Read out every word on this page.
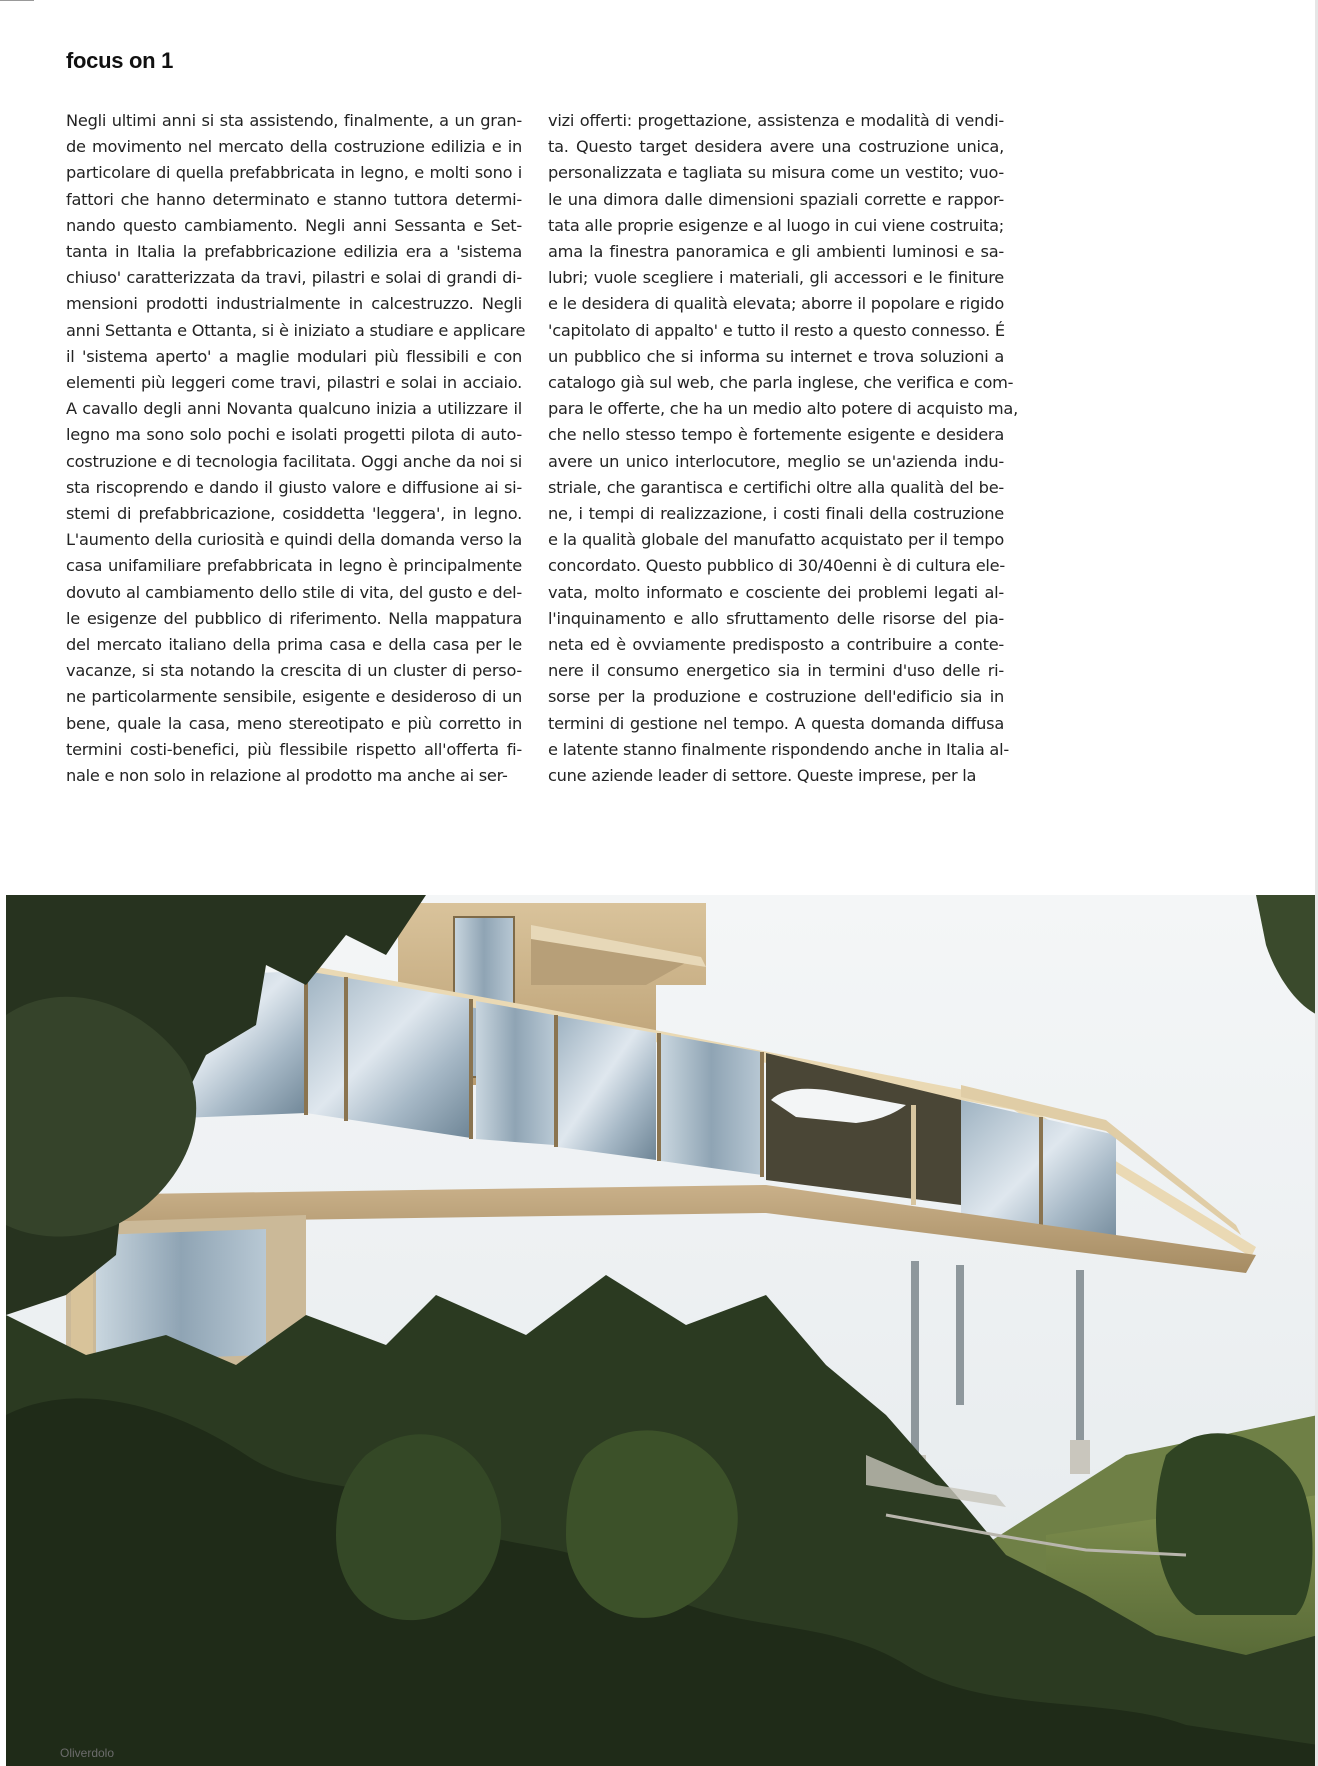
focus on 1
Negli ultimi anni si sta assistendo, finalmente, a un gran-
de movimento nel mercato della costruzione edilizia e in
particolare di quella prefabbricata in legno, e molti sono i
fattori che hanno determinato e stanno tuttora determi-
nando questo cambiamento. Negli anni Sessanta e Set-
tanta in Italia la prefabbricazione edilizia era a 'sistema
chiuso' caratterizzata da travi, pilastri e solai di grandi di-
mensioni prodotti industrialmente in calcestruzzo. Negli
anni Settanta e Ottanta, si è iniziato a studiare e applicare
il 'sistema aperto' a maglie modulari più flessibili e con
elementi più leggeri come travi, pilastri e solai in acciaio.
A cavallo degli anni Novanta qualcuno inizia a utilizzare il
legno ma sono solo pochi e isolati progetti pilota di auto-
costruzione e di tecnologia facilitata. Oggi anche da noi si
sta riscoprendo e dando il giusto valore e diffusione ai si-
stemi di prefabbricazione, cosiddetta 'leggera', in legno.
L'aumento della curiosità e quindi della domanda verso la
casa unifamiliare prefabbricata in legno è principalmente
dovuto al cambiamento dello stile di vita, del gusto e del-
le esigenze del pubblico di riferimento. Nella mappatura
del mercato italiano della prima casa e della casa per le
vacanze, si sta notando la crescita di un cluster di perso-
ne particolarmente sensibile, esigente e desideroso di un
bene, quale la casa, meno stereotipato e più corretto in
termini costi-benefici, più flessibile rispetto all'offerta fi-
nale e non solo in relazione al prodotto ma anche ai ser-
vizi offerti: progettazione, assistenza e modalità di vendi-
ta. Questo target desidera avere una costruzione unica,
personalizzata e tagliata su misura come un vestito; vuo-
le una dimora dalle dimensioni spaziali corrette e rappor-
tata alle proprie esigenze e al luogo in cui viene costruita;
ama la finestra panoramica e gli ambienti luminosi e sa-
lubri; vuole scegliere i materiali, gli accessori e le finiture
e le desidera di qualità elevata; aborre il popolare e rigido
'capitolato di appalto' e tutto il resto a questo connesso. É
un pubblico che si informa su internet e trova soluzioni a
catalogo già sul web, che parla inglese, che verifica e com-
para le offerte, che ha un medio alto potere di acquisto ma,
che nello stesso tempo è fortemente esigente e desidera
avere un unico interlocutore, meglio se un'azienda indu-
striale, che garantisca e certifichi oltre alla qualità del be-
ne, i tempi di realizzazione, i costi finali della costruzione
e la qualità globale del manufatto acquistato per il tempo
concordato. Questo pubblico di 30/40enni è di cultura ele-
vata, molto informato e cosciente dei problemi legati al-
l'inquinamento e allo sfruttamento delle risorse del pia-
neta ed è ovviamente predisposto a contribuire a conte-
nere il consumo energetico sia in termini d'uso delle ri-
sorse per la produzione e costruzione dell'edificio sia in
termini di gestione nel tempo. A questa domanda diffusa
e latente stanno finalmente rispondendo anche in Italia al-
cune aziende leader di settore. Queste imprese, per la
Oliverdolo
